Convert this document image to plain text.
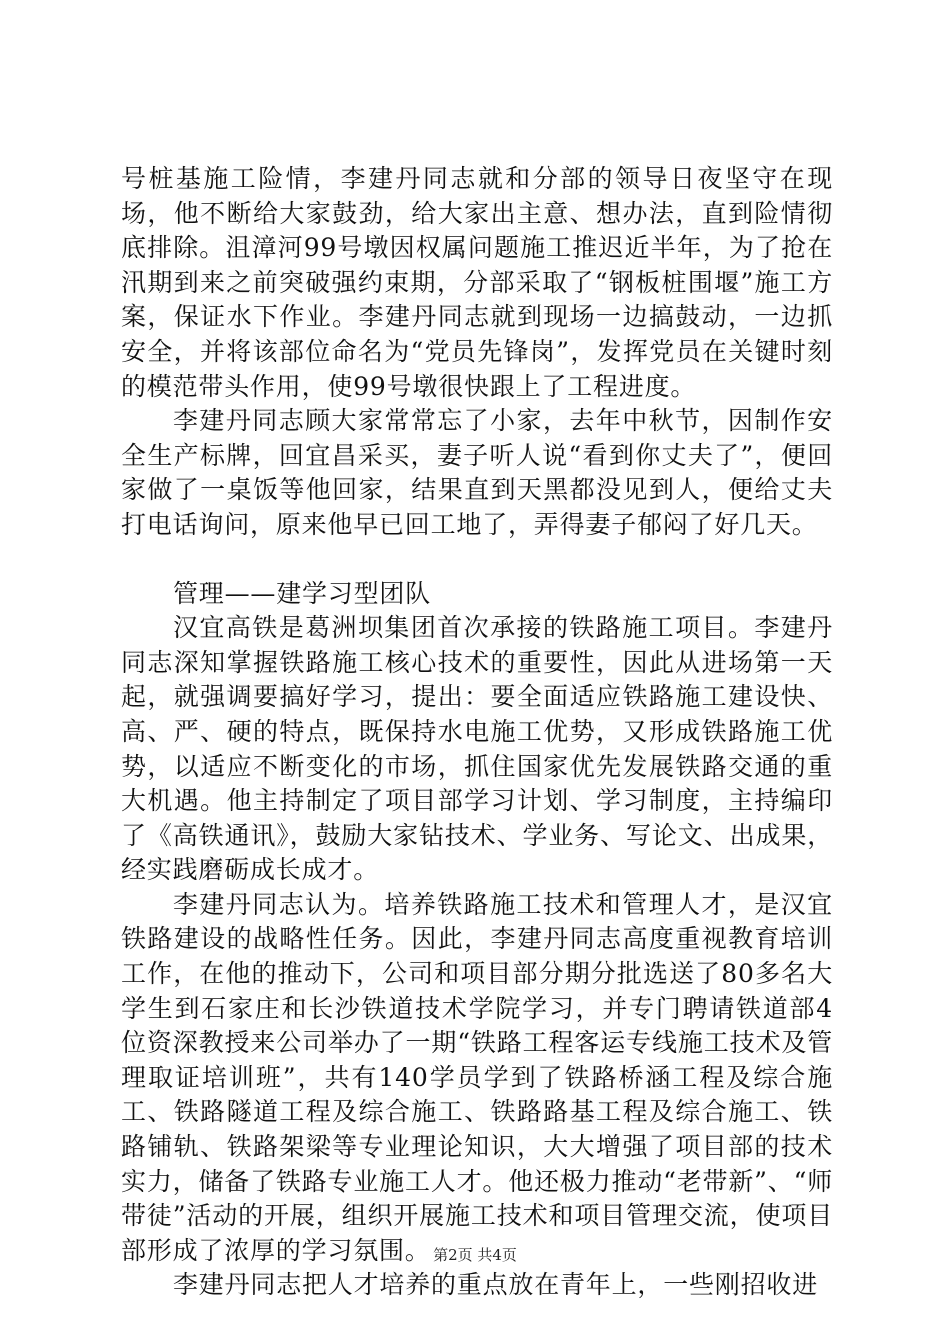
号桩基施工险情，李建丹同志就和分部的领导日夜坚守在现场，他不断给大家鼓劲，给大家出主意、想办法，直到险情彻底排除。沮漳河99号墩因权属问题施工推迟近半年，为了抢在汛期到来之前突破强约束期，分部采取了“钢板桩围堰”施工方案，保证水下作业。李建丹同志就到现场一边搞鼓动，一边抓安全，并将该部位命名为“党员先锋岗”，发挥党员在关键时刻的模范带头作用，使99号墩很快跟上了工程进度。

李建丹同志顾大家常常忘了小家，去年中秋节，因制作安全生产标牌，回宜昌采买，妻子听人说“看到你丈夫了”，便回家做了一桌饭等他回家，结果直到天黑都没见到人，便给丈夫打电话询问，原来他早已回工地了，弄得妻子郁闷了好几天。

管理——建学习型团队

汉宜高铁是葛洲坝集团首次承接的铁路施工项目。李建丹同志深知掌握铁路施工核心技术的重要性，因此从进场第一天起，就强调要搞好学习，提出：要全面适应铁路施工建设快、高、严、硬的特点，既保持水电施工优势，又形成铁路施工优势，以适应不断变化的市场，抓住国家优先发展铁路交通的重大机遇。他主持制定了项目部学习计划、学习制度，主持编印了《高铁通讯》，鼓励大家钻技术、学业务、写论文、出成果，经实践磨砺成长成才。

李建丹同志认为。培养铁路施工技术和管理人才，是汉宜铁路建设的战略性任务。因此，李建丹同志高度重视教育培训工作，在他的推动下，公司和项目部分期分批选送了80多名大学生到石家庄和长沙铁道技术学院学习，并专门聘请铁道部4位资深教授来公司举办了一期“铁路工程客运专线施工技术及管理取证培训班”，共有140学员学到了铁路桥涵工程及综合施工、铁路隧道工程及综合施工、铁路路基工程及综合施工、铁路铺轨、铁路架梁等专业理论知识，大大增强了项目部的技术实力，储备了铁路专业施工人才。他还极力推动“老带新”、“师带徒”活动的开展，组织开展施工技术和项目管理交流，使项目部形成了浓厚的学习氛围。

李建丹同志把人才培养的重点放在青年上，一些刚招收进

第2页 共4页
